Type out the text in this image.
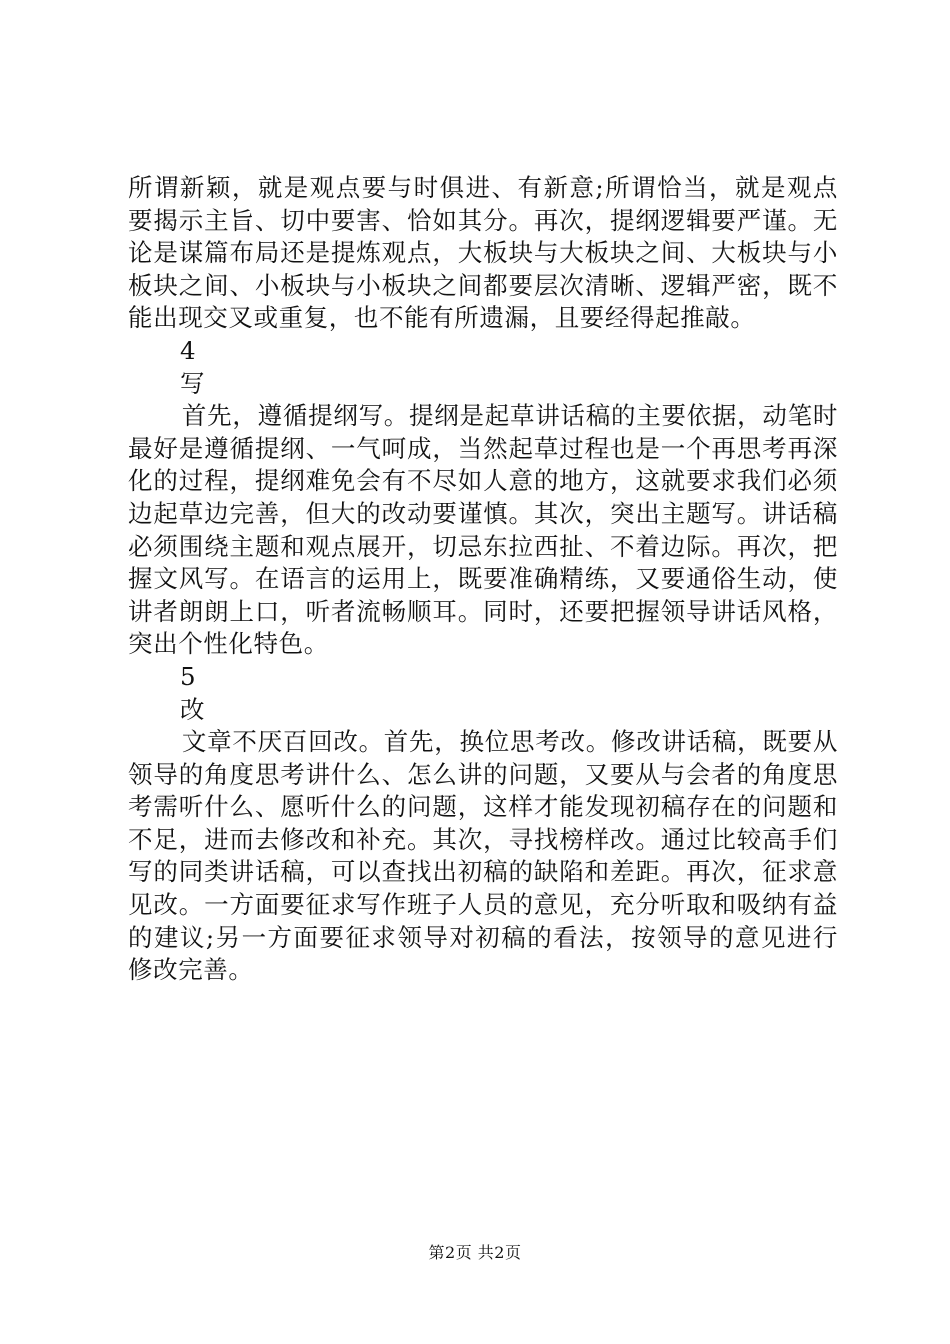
所谓新颖，就是观点要与时俱进、有新意;所谓恰当，就是观点要揭示主旨、切中要害、恰如其分。再次，提纲逻辑要严谨。无论是谋篇布局还是提炼观点，大板块与大板块之间、大板块与小板块之间、小板块与小板块之间都要层次清晰、逻辑严密，既不能出现交叉或重复，也不能有所遗漏，且要经得起推敲。

4

写

首先，遵循提纲写。提纲是起草讲话稿的主要依据，动笔时最好是遵循提纲、一气呵成，当然起草过程也是一个再思考再深化的过程，提纲难免会有不尽如人意的地方，这就要求我们必须边起草边完善，但大的改动要谨慎。其次，突出主题写。讲话稿必须围绕主题和观点展开，切忌东拉西扯、不着边际。再次，把握文风写。在语言的运用上，既要准确精练，又要通俗生动，使讲者朗朗上口，听者流畅顺耳。同时，还要把握领导讲话风格，突出个性化特色。

5

改

文章不厌百回改。首先，换位思考改。修改讲话稿，既要从领导的角度思考讲什么、怎么讲的问题，又要从与会者的角度思考需听什么、愿听什么的问题，这样才能发现初稿存在的问题和不足，进而去修改和补充。其次，寻找榜样改。通过比较高手们写的同类讲话稿，可以查找出初稿的缺陷和差距。再次，征求意见改。一方面要征求写作班子人员的意见，充分听取和吸纳有益的建议;另一方面要征求领导对初稿的看法，按领导的意见进行修改完善。

第2页 共2页
